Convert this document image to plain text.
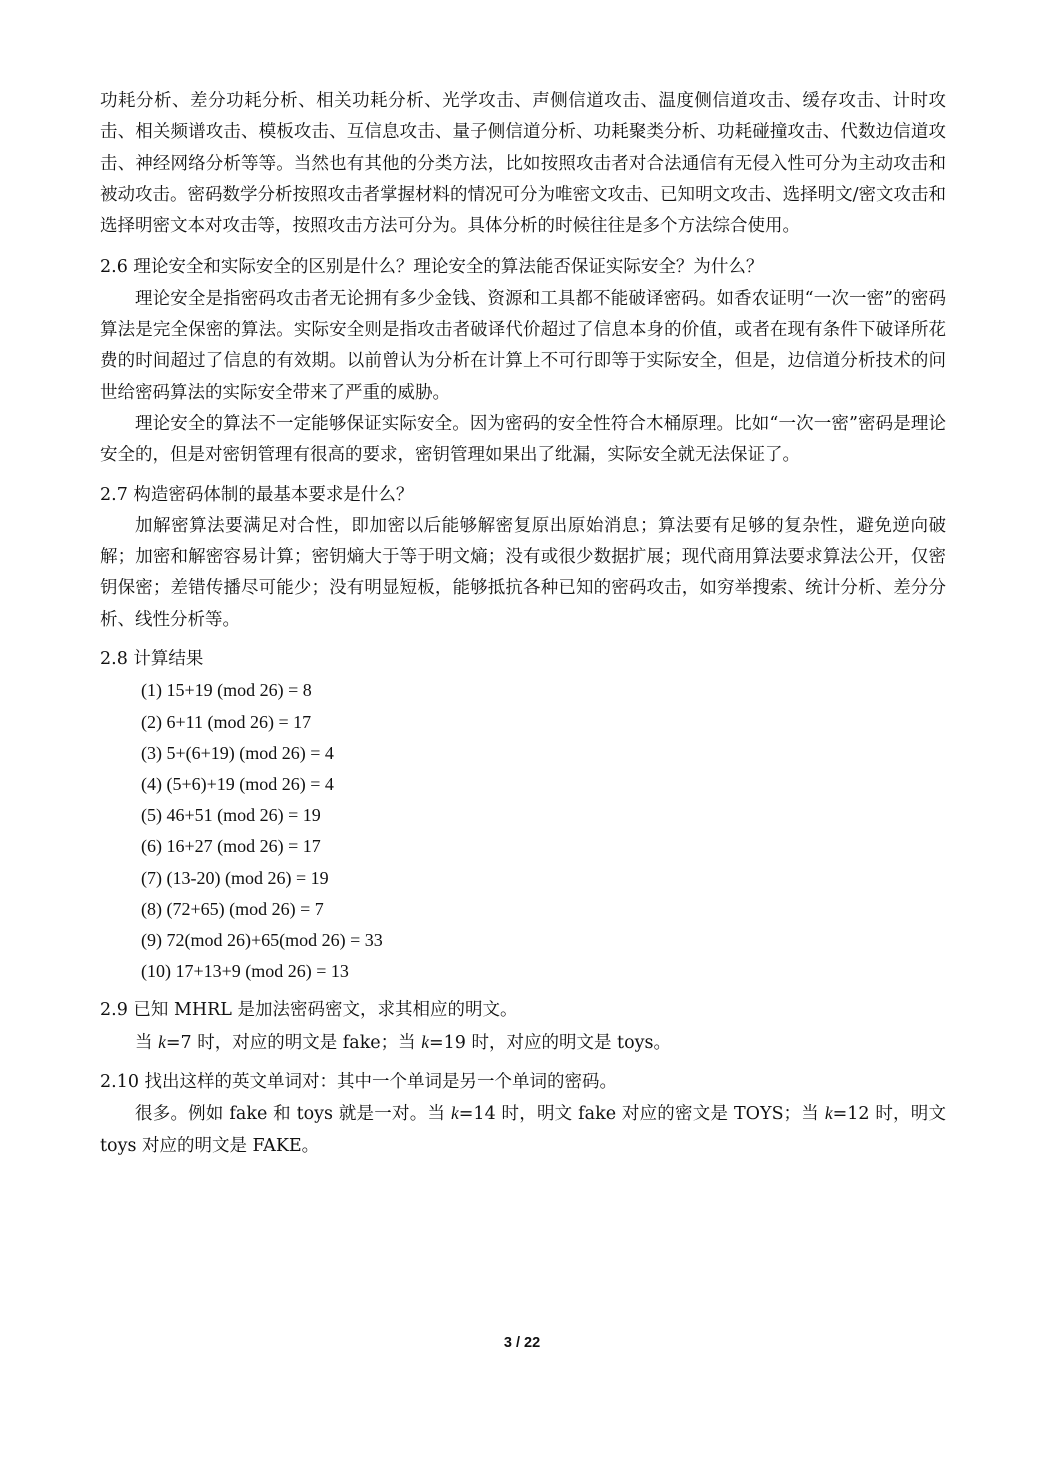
功耗分析、差分功耗分析、相关功耗分析、光学攻击、声侧信道攻击、温度侧信道攻击、缓存攻击、计时攻击、相关频谱攻击、模板攻击、互信息攻击、量子侧信道分析、功耗聚类分析、功耗碰撞攻击、代数边信道攻击、神经网络分析等等。当然也有其他的分类方法，比如按照攻击者对合法通信有无侵入性可分为主动攻击和被动攻击。密码数学分析按照攻击者掌握材料的情况可分为唯密文攻击、已知明文攻击、选择明文/密文攻击和选择明密文本对攻击等，按照攻击方法可分为。具体分析的时候往往是多个方法综合使用。

2.6 理论安全和实际安全的区别是什么？理论安全的算法能否保证实际安全？为什么？

理论安全是指密码攻击者无论拥有多少金钱、资源和工具都不能破译密码。如香农证明“一次一密”的密码算法是完全保密的算法。实际安全则是指攻击者破译代价超过了信息本身的价值，或者在现有条件下破译所花费的时间超过了信息的有效期。以前曾认为分析在计算上不可行即等于实际安全，但是，边信道分析技术的问世给密码算法的实际安全带来了严重的威胁。

理论安全的算法不一定能够保证实际安全。因为密码的安全性符合木桶原理。比如“一次一密”密码是理论安全的，但是对密钥管理有很高的要求，密钥管理如果出了纰漏，实际安全就无法保证了。

2.7 构造密码体制的最基本要求是什么？

加解密算法要满足对合性，即加密以后能够解密复原出原始消息；算法要有足够的复杂性，避免逆向破解；加密和解密容易计算；密钥熵大于等于明文熵；没有或很少数据扩展；现代商用算法要求算法公开，仅密钥保密；差错传播尽可能少；没有明显短板，能够抵抗各种已知的密码攻击，如穷举搜索、统计分析、差分分析、线性分析等。

2.8 计算结果

(1) 15+19 (mod 26) = 8
(2) 6+11 (mod 26) = 17
(3) 5+(6+19) (mod 26) = 4
(4) (5+6)+19 (mod 26) = 4
(5) 46+51 (mod 26) = 19
(6) 16+27 (mod 26) = 17
(7) (13-20) (mod 26) = 19
(8) (72+65) (mod 26) = 7
(9) 72(mod 26)+65(mod 26) = 33
(10) 17+13+9 (mod 26) = 13

2.9 已知 MHRL 是加法密码密文，求其相应的明文。

当 k=7 时，对应的明文是 fake；当 k=19 时，对应的明文是 toys。

2.10 找出这样的英文单词对：其中一个单词是另一个单词的密码。

很多。例如 fake 和 toys 就是一对。当 k=14 时，明文 fake 对应的密文是 TOYS；当 k=12 时，明文 toys 对应的明文是 FAKE。

3 / 22
